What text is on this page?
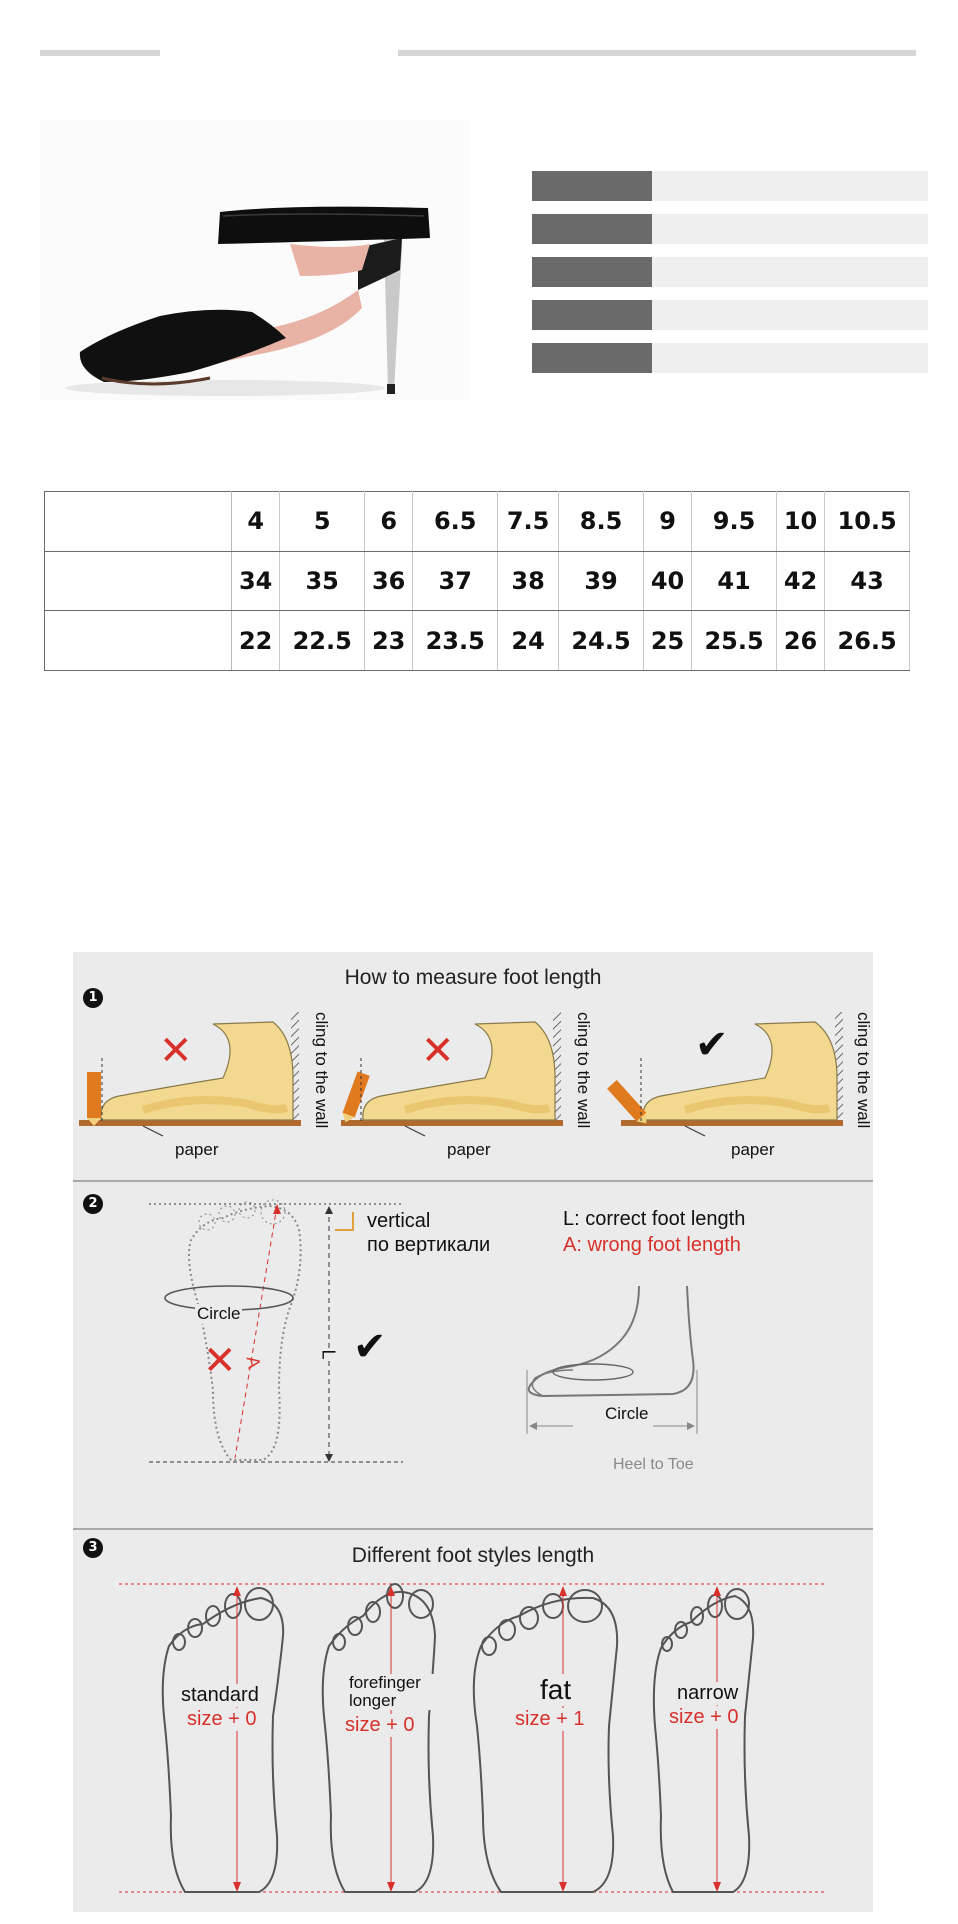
	4	5	6	6.5	7.5	8.5	9	9.5	10	10.5
	34	35	36	37	38	39	40	41	42	43
	22	22.5	23	23.5	24	24.5	25	25.5	26	26.5
1
How to measure foot length
✕	✕	✔
paper	paper	paper
cling to the wall	cling to the wall	cling to the wall
2
vertical
по вертикали
Circle
✕ A
L ✔
L: correct foot length
A: wrong foot length
Circle
Heel to Toe
3	Different foot styles length
standard
size + 0
forefinger longer
size + 0
fat
size + 1
narrow
size + 0
